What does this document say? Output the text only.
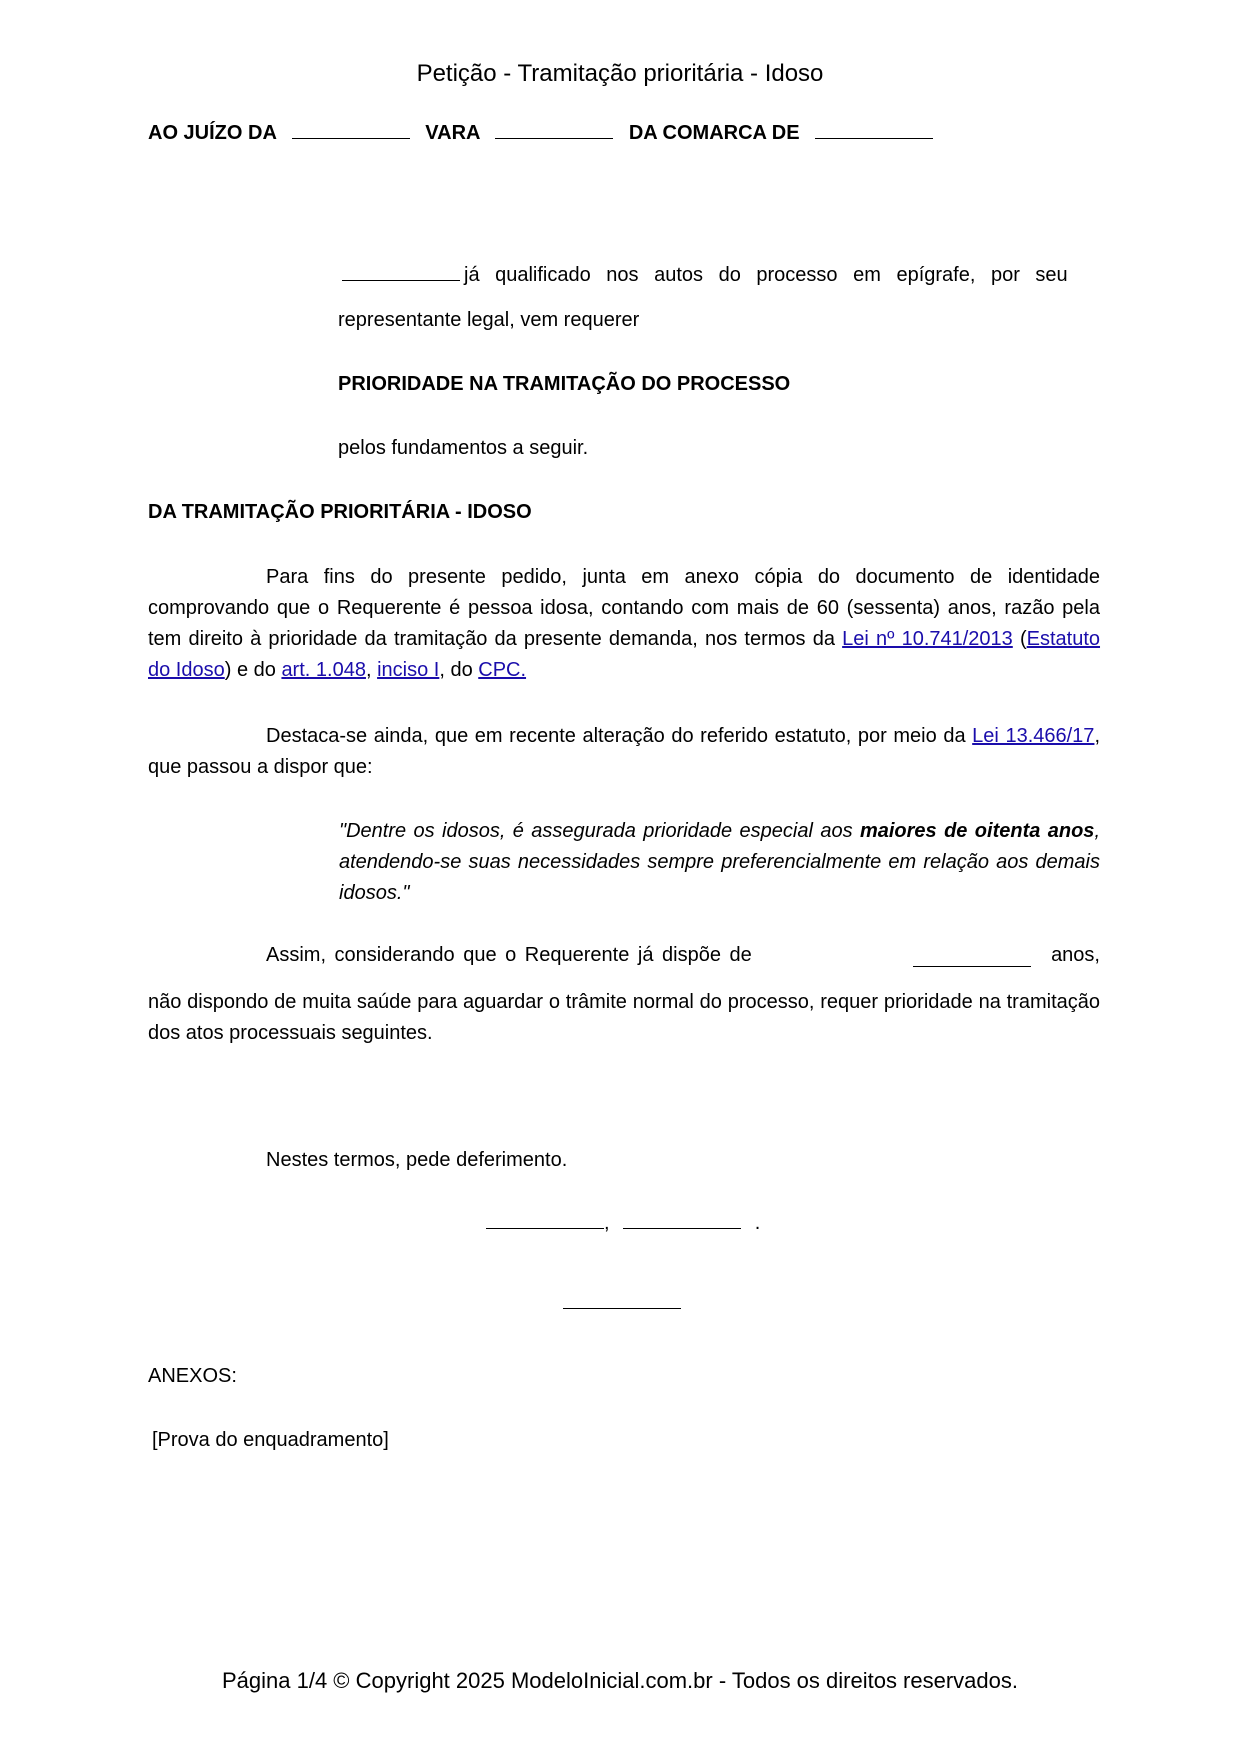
Petição - Tramitação prioritária - Idoso
AO JUÍZO DA	VARA	DA COMARCA DE
já qualificado nos autos do processo em epígrafe, por seu
representante legal, vem requerer
PRIORIDADE NA TRAMITAÇÃO DO PROCESSO
pelos fundamentos a seguir.
DA TRAMITAÇÃO PRIORITÁRIA - IDOSO
Para fins do presente pedido, junta em anexo cópia do documento de identidade comprovando que o Requerente é pessoa idosa, contando com mais de 60 (sessenta) anos, razão pela tem direito à prioridade da tramitação da presente demanda, nos termos da Lei nº 10.741/2013 (Estatuto do Idoso) e do art. 1.048, inciso I, do CPC.
Destaca-se ainda, que em recente alteração do referido estatuto, por meio da Lei 13.466/17, que passou a dispor que:
"Dentre os idosos, é assegurada prioridade especial aos maiores de oitenta anos, atendendo-se suas necessidades sempre preferencialmente em relação aos demais idosos."
Assim, considerando que o Requerente já dispõe de	anos,
não dispondo de muita saúde para aguardar o trâmite normal do processo, requer prioridade na tramitação dos atos processuais seguintes.
Nestes termos, pede deferimento.
,	.
ANEXOS:
[Prova do enquadramento]
Página 1/4 © Copyright 2025 ModeloInicial.com.br - Todos os direitos reservados.
